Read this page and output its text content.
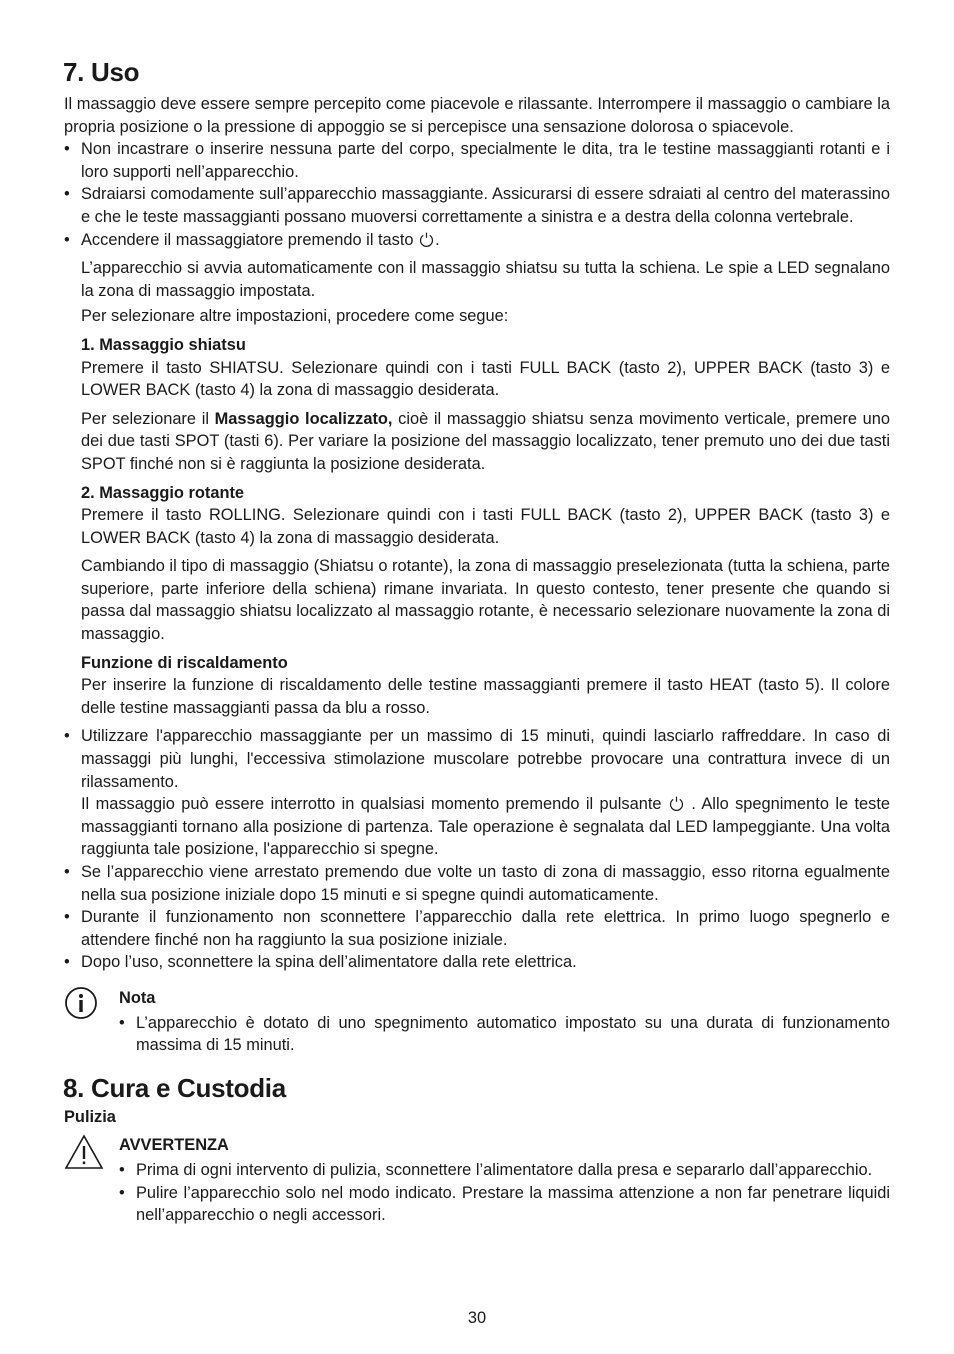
7. Uso

Il massaggio deve essere sempre percepito come piacevole e rilassante. Interrompere il massaggio o cambiare la propria posizione o la pressione di appoggio se si percepisce una sensazione dolorosa o spiacevole.

• Non incastrare o inserire nessuna parte del corpo, specialmente le dita, tra le testine massaggianti rotanti e i loro supporti nell’apparecchio.
• Sdraiarsi comodamente sull’apparecchio massaggiante. Assicurarsi di essere sdraiati al centro del materassino e che le teste massaggianti possano muoversi correttamente a sinistra e a destra della colonna vertebrale.
• Accendere il massaggiatore premendo il tasto .

L’apparecchio si avvia automaticamente con il massaggio shiatsu su tutta la schiena. Le spie a LED segnalano la zona di massaggio impostata.

Per selezionare altre impostazioni, procedere come segue:

1. Massaggio shiatsu

Premere il tasto SHIATSU. Selezionare quindi con i tasti FULL BACK (tasto 2), UPPER BACK (tasto 3) e LOWER BACK (tasto 4) la zona di massaggio desiderata.

Per selezionare il Massaggio localizzato, cioè il massaggio shiatsu senza movimento verticale, premere uno dei due tasti SPOT (tasti 6). Per variare la posizione del massaggio localizzato, tener premuto uno dei due tasti SPOT finché non si è raggiunta la posizione desiderata.

2. Massaggio rotante

Premere il tasto ROLLING. Selezionare quindi con i tasti FULL BACK (tasto 2), UPPER BACK (tasto 3) e LOWER BACK (tasto 4) la zona di massaggio desiderata.

Cambiando il tipo di massaggio (Shiatsu o rotante), la zona di massaggio preselezionata (tutta la schiena, parte superiore, parte inferiore della schiena) rimane invariata. In questo contesto, tener presente che quando si passa dal massaggio shiatsu localizzato al massaggio rotante, è necessario selezionare nuovamente la zona di massaggio.

Funzione di riscaldamento

Per inserire la funzione di riscaldamento delle testine massaggianti premere il tasto HEAT (tasto 5). Il colore delle testine massaggianti passa da blu a rosso.

• Utilizzare l'apparecchio massaggiante per un massimo di 15 minuti, quindi lasciarlo raffreddare. In caso di massaggi più lunghi, l'eccessiva stimolazione muscolare potrebbe provocare una contrattura invece di un rilassamento.
Il massaggio può essere interrotto in qualsiasi momento premendo il pulsante . Allo spegnimento le teste massaggianti tornano alla posizione di partenza. Tale operazione è segnalata dal LED lampeggiante. Una volta raggiunta tale posizione, l'apparecchio si spegne.
• Se l’apparecchio viene arrestato premendo due volte un tasto di zona di massaggio, esso ritorna egualmente nella sua posizione iniziale dopo 15 minuti e si spegne quindi automaticamente.
• Durante il funzionamento non sconnettere l’apparecchio dalla rete elettrica. In primo luogo spegnerlo e attendere finché non ha raggiunto la sua posizione iniziale.
• Dopo l’uso, sconnettere la spina dell’alimentatore dalla rete elettrica.
Nota
• L’apparecchio è dotato di uno spegnimento automatico impostato su una durata di funzionamento massima di 15 minuti.
8. Cura e Custodia
Pulizia
AVVERTENZA
• Prima di ogni intervento di pulizia, sconnettere l’alimentatore dalla presa e separarlo dall’apparecchio.
• Pulire l’apparecchio solo nel modo indicato. Prestare la massima attenzione a non far penetrare liquidi nell’apparecchio o negli accessori.
30
